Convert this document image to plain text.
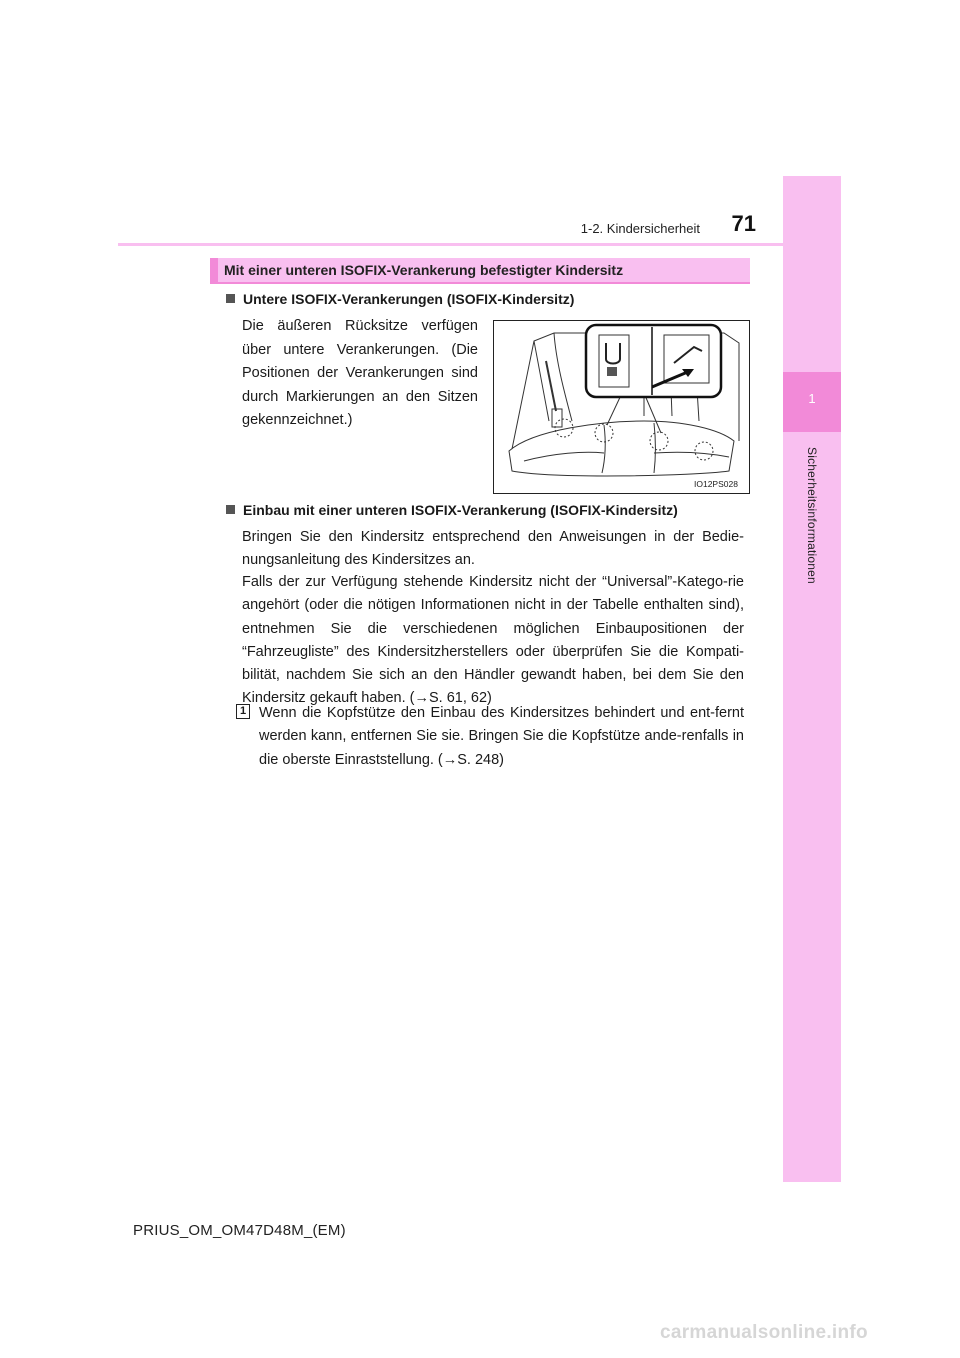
1
Sicherheitsinformationen
1-2. Kindersicherheit	71
Mit einer unteren ISOFIX-Verankerung befestigter Kindersitz
Untere ISOFIX-Verankerungen (ISOFIX-Kindersitz)
Die äußeren Rücksitze verfügen über untere Verankerungen. (Die Positionen der Verankerungen sind durch Markierungen an den Sitzen gekennzeichnet.)
IO12PS028
Einbau mit einer unteren ISOFIX-Verankerung (ISOFIX-Kindersitz)
Bringen Sie den Kindersitz entsprechend den Anweisungen in der Bedie-nungsanleitung des Kindersitzes an.
Falls der zur Verfügung stehende Kindersitz nicht der “Universal”-Katego-rie angehört (oder die nötigen Informationen nicht in der Tabelle enthalten sind), entnehmen Sie die verschiedenen möglichen Einbaupositionen der “Fahrzeugliste” des Kindersitzherstellers oder überprüfen Sie die Kompati-bilität, nachdem Sie sich an den Händler gewandt haben, bei dem Sie den Kindersitz gekauft haben. (→S. 61, 62)
1 Wenn die Kopfstütze den Einbau des Kindersitzes behindert und ent-fernt werden kann, entfernen Sie sie. Bringen Sie die Kopfstütze ande-renfalls in die oberste Einraststellung. (→S. 248)
PRIUS_OM_OM47D48M_(EM)
carmanualsonline.info
